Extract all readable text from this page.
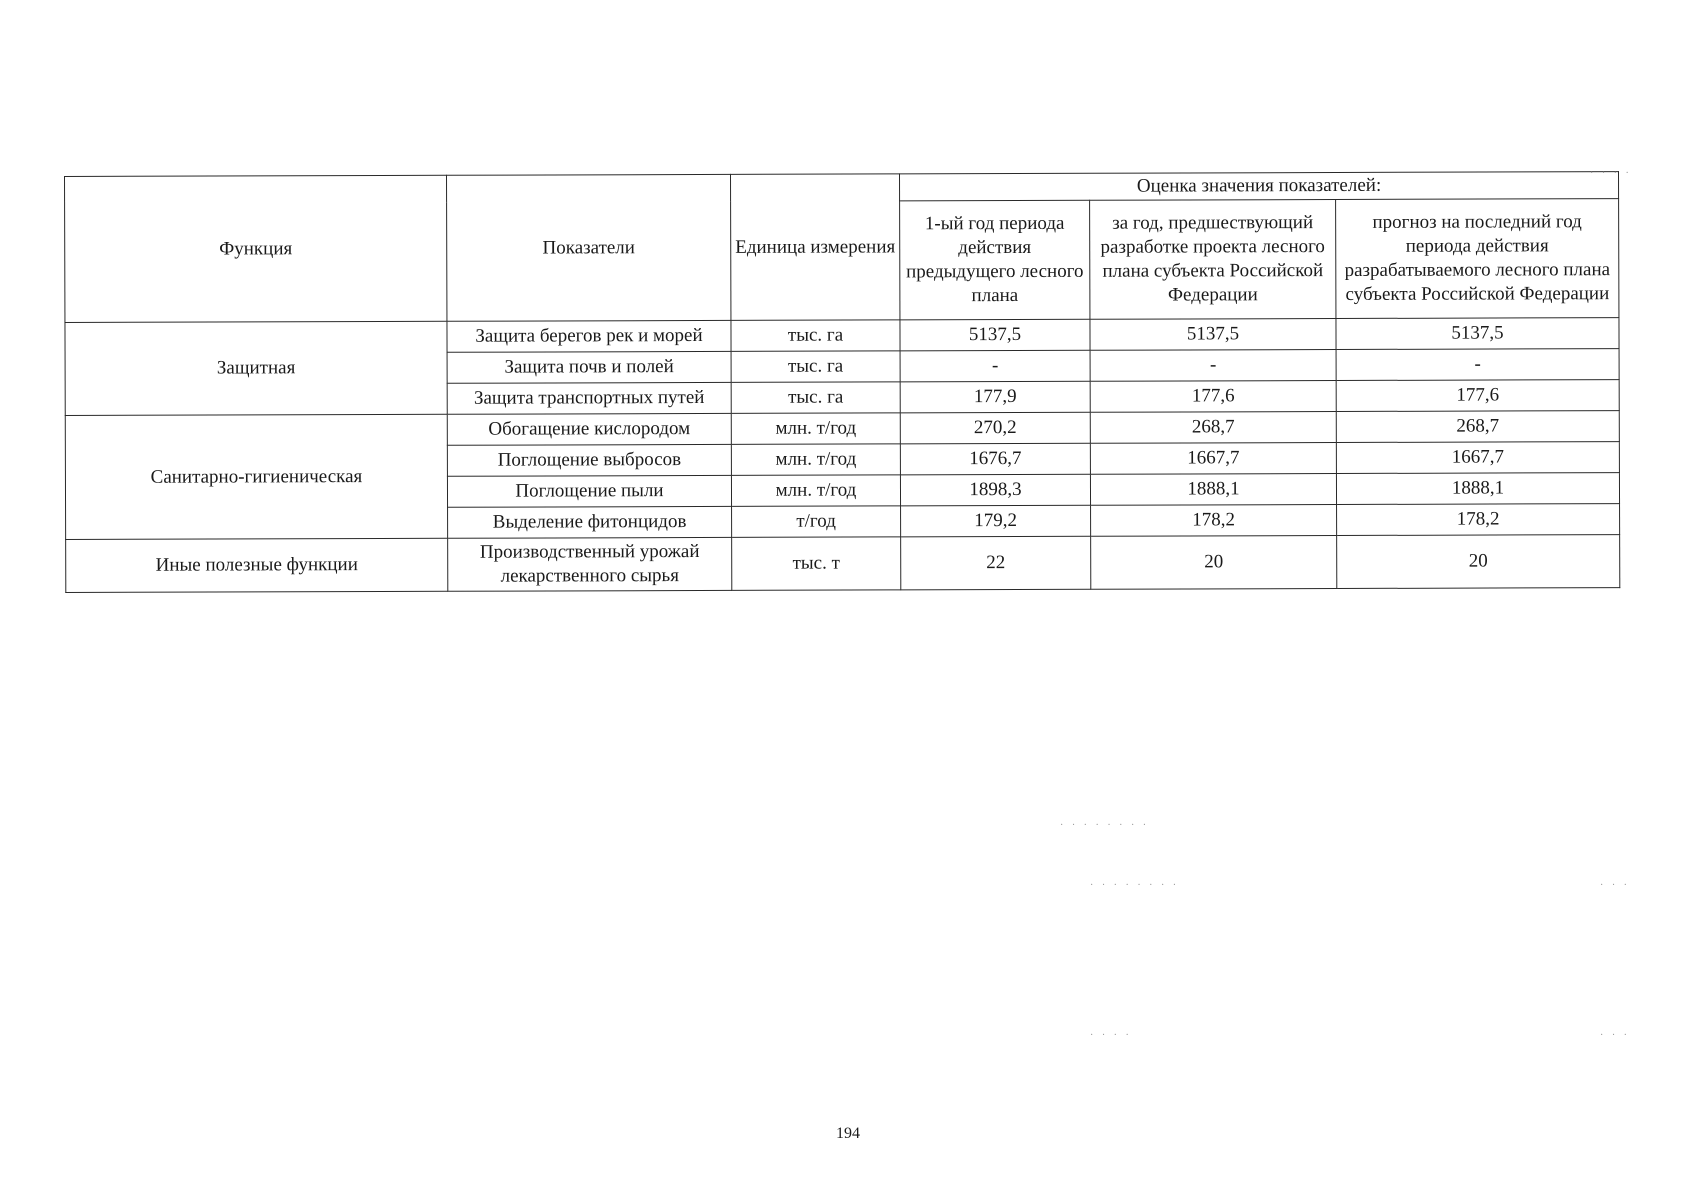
Функция	Показатели	Единица измерения	Оценка значения показателей:		
			1-ый год периода действия предыдущего лесного плана	за год, предшествующий разработке проекта лесного плана субъекта Российской Федерации	прогноз на последний год периода действия разрабатываемого лесного плана субъекта Российской Федерации
Защитная	Защита берегов рек и морей	тыс. га	5137,5	5137,5	5137,5
	Защита почв и полей	тыс. га	-	-	-
	Защита транспортных путей	тыс. га	177,9	177,6	177,6
Санитарно-гигиеническая	Обогащение кислородом	млн. т/год	270,2	268,7	268,7
	Поглощение выбросов	млн. т/год	1676,7	1667,7	1667,7
	Поглощение пыли	млн. т/год	1898,3	1888,1	1888,1
	Выделение фитонцидов	т/год	179,2	178,2	178,2
Иные полезные функции	Производственный урожай лекарственного сырья	тыс. т	22	20	20
· · · ·
· · · · · · · ·
· · · · · · · ·	· · ·
· · · ·	· · ·
194
